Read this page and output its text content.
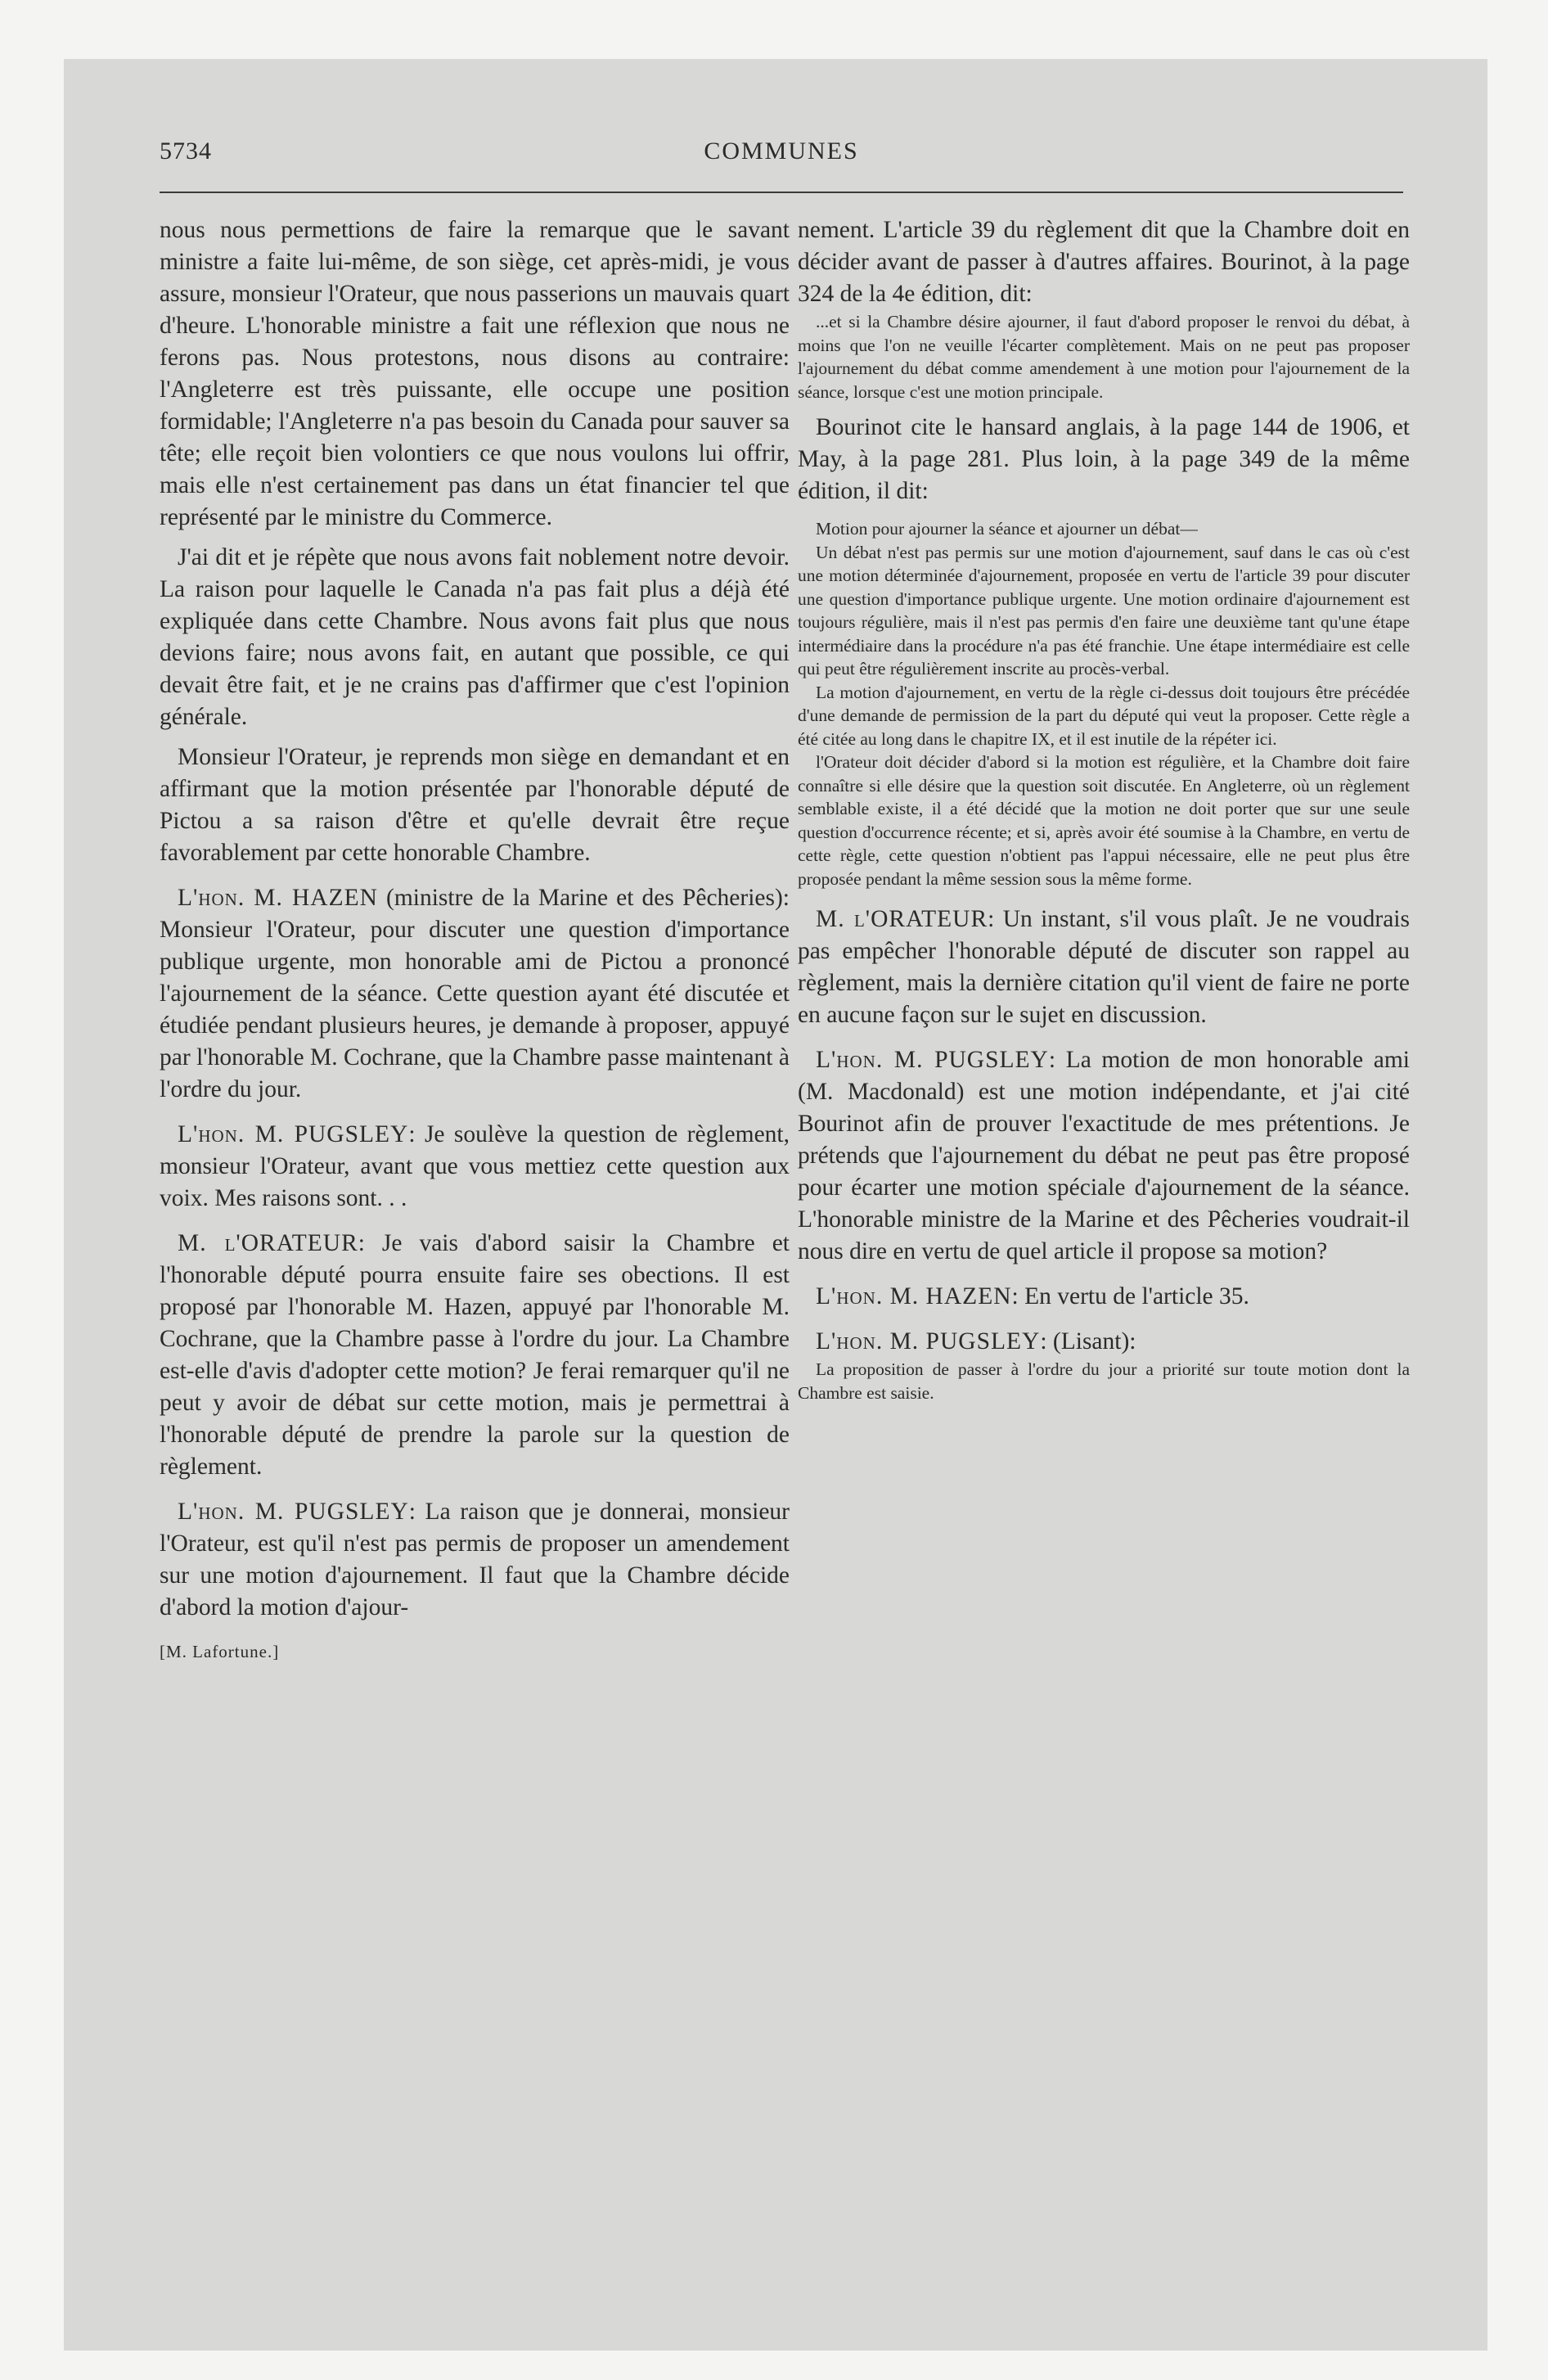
5734	COMMUNES

nous nous permettions de faire la remarque que le savant ministre a faite lui-même, de son siège, cet après-midi, je vous assure, monsieur l'Orateur, que nous passerions un mauvais quart d'heure. L'honorable ministre a fait une réflexion que nous ne ferons pas. Nous protestons, nous disons au contraire: l'Angleterre est très puissante, elle occupe une position formidable; l'Angleterre n'a pas besoin du Canada pour sauver sa tête; elle reçoit bien volontiers ce que nous voulons lui offrir, mais elle n'est certainement pas dans un état financier tel que représenté par le ministre du Commerce.

J'ai dit et je répète que nous avons fait noblement notre devoir. La raison pour laquelle le Canada n'a pas fait plus a déjà été expliquée dans cette Chambre. Nous avons fait plus que nous devions faire; nous avons fait, en autant que possible, ce qui devait être fait, et je ne crains pas d'affirmer que c'est l'opinion générale.

Monsieur l'Orateur, je reprends mon siège en demandant et en affirmant que la motion présentée par l'honorable député de Pictou a sa raison d'être et qu'elle devrait être reçue favorablement par cette honorable Chambre.

L'hon. M. HAZEN (ministre de la Marine et des Pêcheries): Monsieur l'Orateur, pour discuter une question d'importance publique urgente, mon honorable ami de Pictou a prononcé l'ajournement de la séance. Cette question ayant été discutée et étudiée pendant plusieurs heures, je demande à proposer, appuyé par l'honorable M. Cochrane, que la Chambre passe maintenant à l'ordre du jour.

L'hon. M. PUGSLEY: Je soulève la question de règlement, monsieur l'Orateur, avant que vous mettiez cette question aux voix. Mes raisons sont. . .

M. l'ORATEUR: Je vais d'abord saisir la Chambre et l'honorable député pourra ensuite faire ses obections. Il est proposé par l'honorable M. Hazen, appuyé par l'honorable M. Cochrane, que la Chambre passe à l'ordre du jour. La Chambre est-elle d'avis d'adopter cette motion? Je ferai remarquer qu'il ne peut y avoir de débat sur cette motion, mais je permettrai à l'honorable député de prendre la parole sur la question de règlement.

L'hon. M. PUGSLEY: La raison que je donnerai, monsieur l'Orateur, est qu'il n'est pas permis de proposer un amendement sur une motion d'ajournement. Il faut que la Chambre décide d'abord la motion d'ajour-

[M. Lafortune.]

nement. L'article 39 du règlement dit que la Chambre doit en décider avant de passer à d'autres affaires. Bourinot, à la page 324 de la 4e édition, dit:

...et si la Chambre désire ajourner, il faut d'abord proposer le renvoi du débat, à moins que l'on ne veuille l'écarter complètement. Mais on ne peut pas proposer l'ajournement du débat comme amendement à une motion pour l'ajournement de la séance, lorsque c'est une motion principale.

Bourinot cite le hansard anglais, à la page 144 de 1906, et May, à la page 281. Plus loin, à la page 349 de la même édition, il dit:

Motion pour ajourner la séance et ajourner un débat—

Un débat n'est pas permis sur une motion d'ajournement, sauf dans le cas où c'est une motion déterminée d'ajournement, proposée en vertu de l'article 39 pour discuter une question d'importance publique urgente. Une motion ordinaire d'ajournement est toujours régulière, mais il n'est pas permis d'en faire une deuxième tant qu'une étape intermédiaire dans la procédure n'a pas été franchie. Une étape intermédiaire est celle qui peut être régulièrement inscrite au procès-verbal.

La motion d'ajournement, en vertu de la règle ci-dessus doit toujours être précédée d'une demande de permission de la part du député qui veut la proposer. Cette règle a été citée au long dans le chapitre IX, et il est inutile de la répéter ici.

l'Orateur doit décider d'abord si la motion est régulière, et la Chambre doit faire connaître si elle désire que la question soit discutée. En Angleterre, où un règlement semblable existe, il a été décidé que la motion ne doit porter que sur une seule question d'occurrence récente; et si, après avoir été soumise à la Chambre, en vertu de cette règle, cette question n'obtient pas l'appui nécessaire, elle ne peut plus être proposée pendant la même session sous la même forme.

M. l'ORATEUR: Un instant, s'il vous plaît. Je ne voudrais pas empêcher l'honorable député de discuter son rappel au règlement, mais la dernière citation qu'il vient de faire ne porte en aucune façon sur le sujet en discussion.

L'hon. M. PUGSLEY: La motion de mon honorable ami (M. Macdonald) est une motion indépendante, et j'ai cité Bourinot afin de prouver l'exactitude de mes prétentions. Je prétends que l'ajournement du débat ne peut pas être proposé pour écarter une motion spéciale d'ajournement de la séance. L'honorable ministre de la Marine et des Pêcheries voudrait-il nous dire en vertu de quel article il propose sa motion?

L'hon. M. HAZEN: En vertu de l'article 35.

L'hon. M. PUGSLEY: (Lisant):

La proposition de passer à l'ordre du jour a priorité sur toute motion dont la Chambre est saisie.
